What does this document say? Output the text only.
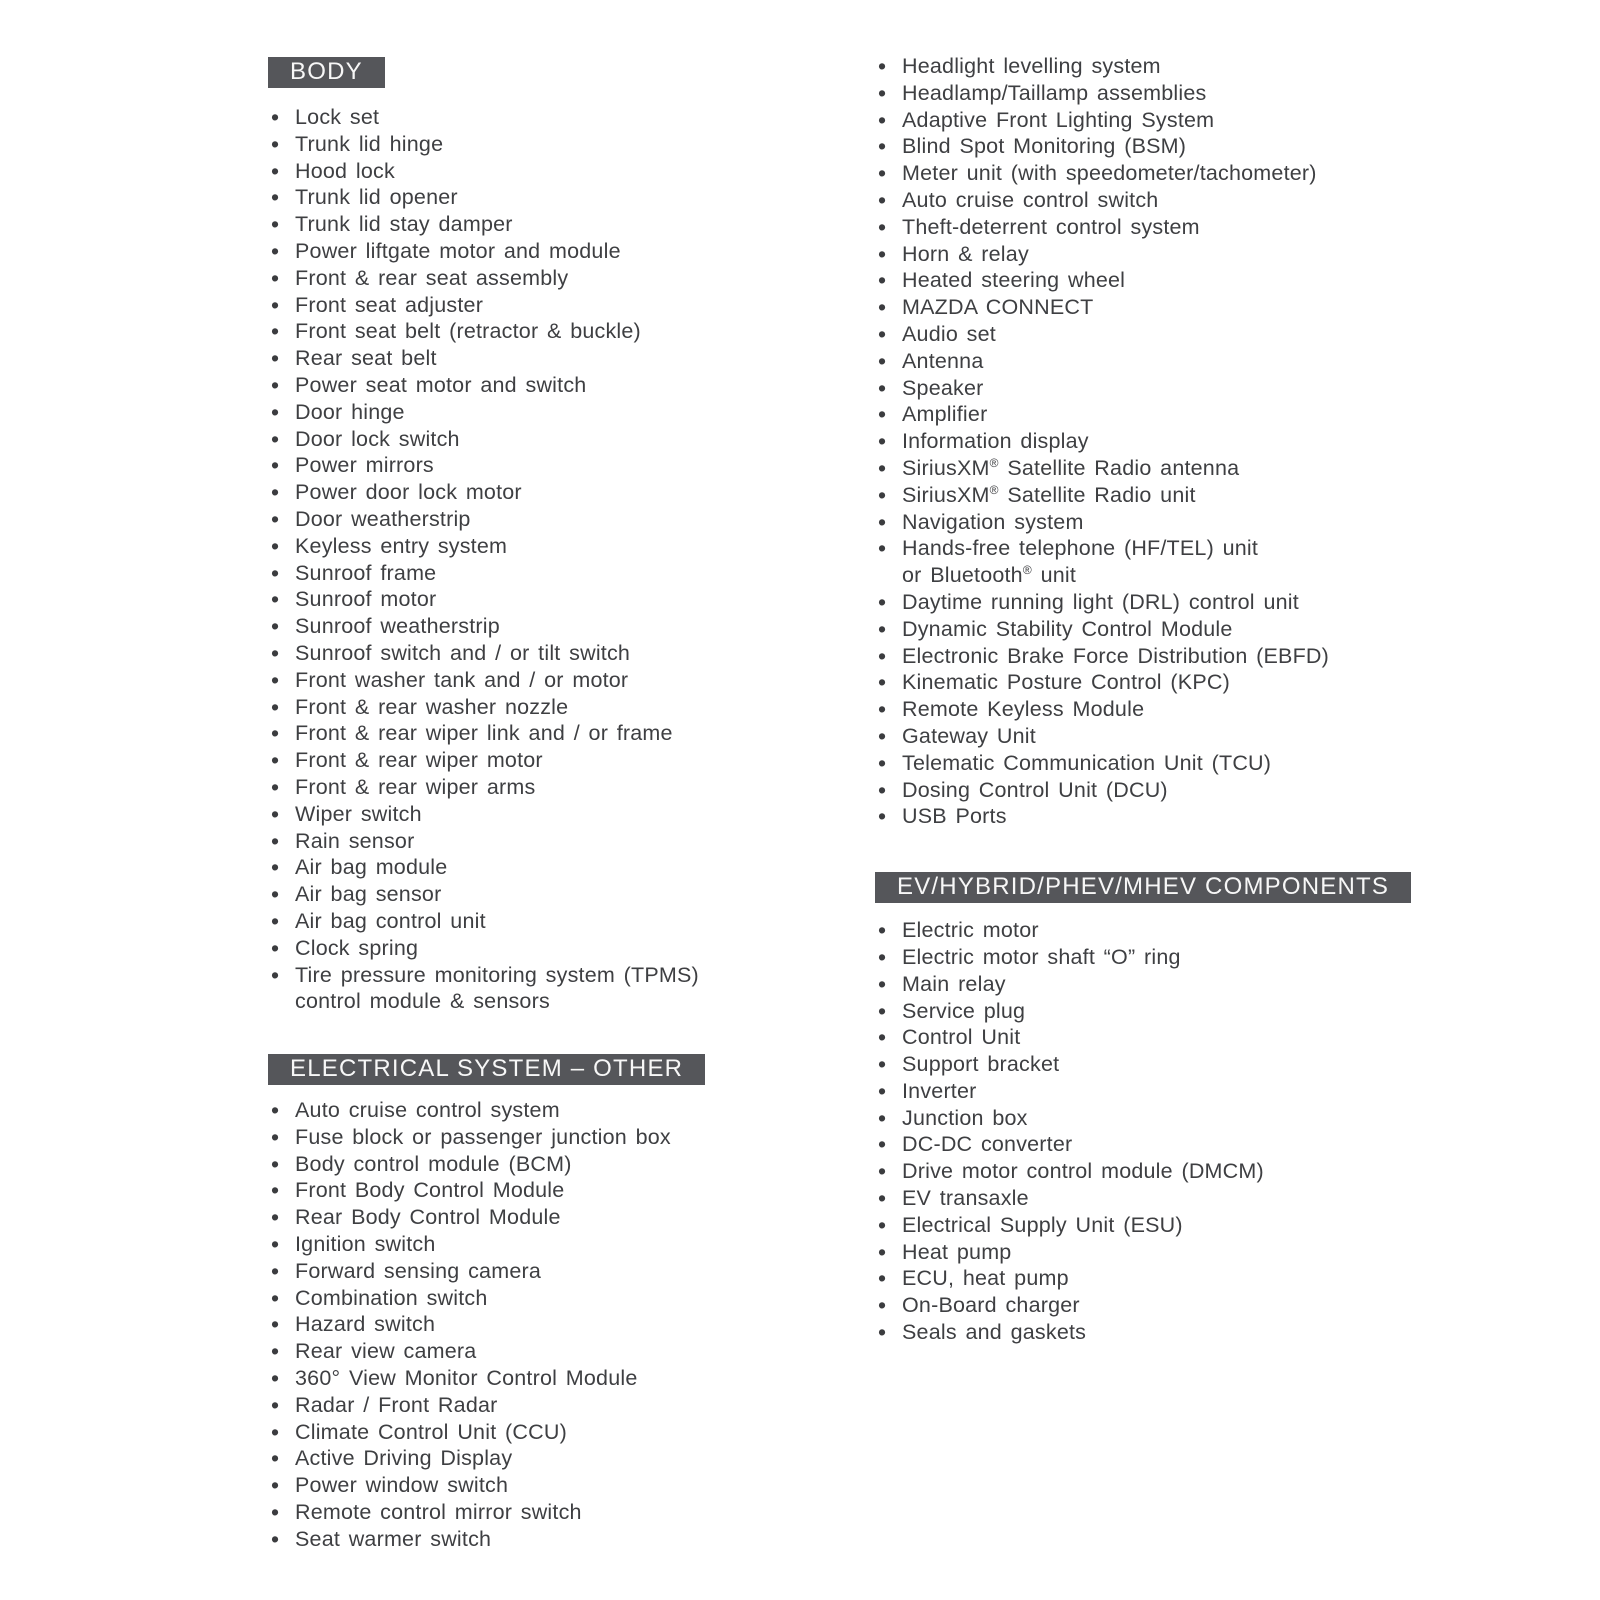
BODY
• Lock set
• Trunk lid hinge
• Hood lock
• Trunk lid opener
• Trunk lid stay damper
• Power liftgate motor and module
• Front & rear seat assembly
• Front seat adjuster
• Front seat belt (retractor & buckle)
• Rear seat belt
• Power seat motor and switch
• Door hinge
• Door lock switch
• Power mirrors
• Power door lock motor
• Door weatherstrip
• Keyless entry system
• Sunroof frame
• Sunroof motor
• Sunroof weatherstrip
• Sunroof switch and / or tilt switch
• Front washer tank and / or motor
• Front & rear washer nozzle
• Front & rear wiper link and / or frame
• Front & rear wiper motor
• Front & rear wiper arms
• Wiper switch
• Rain sensor
• Air bag module
• Air bag sensor
• Air bag control unit
• Clock spring
• Tire pressure monitoring system (TPMS)
control module & sensors
ELECTRICAL SYSTEM – OTHER
• Auto cruise control system
• Fuse block or passenger junction box
• Body control module (BCM)
• Front Body Control Module
• Rear Body Control Module
• Ignition switch
• Forward sensing camera
• Combination switch
• Hazard switch
• Rear view camera
• 360° View Monitor Control Module
• Radar / Front Radar
• Climate Control Unit (CCU)
• Active Driving Display
• Power window switch
• Remote control mirror switch
• Seat warmer switch
• Headlight levelling system
• Headlamp/Taillamp assemblies
• Adaptive Front Lighting System
• Blind Spot Monitoring (BSM)
• Meter unit (with speedometer/tachometer)
• Auto cruise control switch
• Theft-deterrent control system
• Horn & relay
• Heated steering wheel
• MAZDA CONNECT
• Audio set
• Antenna
• Speaker
• Amplifier
• Information display
• SiriusXM® Satellite Radio antenna
• SiriusXM® Satellite Radio unit
• Navigation system
• Hands-free telephone (HF/TEL) unit
or Bluetooth® unit
• Daytime running light (DRL) control unit
• Dynamic Stability Control Module
• Electronic Brake Force Distribution (EBFD)
• Kinematic Posture Control (KPC)
• Remote Keyless Module
• Gateway Unit
• Telematic Communication Unit (TCU)
• Dosing Control Unit (DCU)
• USB Ports
EV/HYBRID/PHEV/MHEV COMPONENTS
• Electric motor
• Electric motor shaft “O” ring
• Main relay
• Service plug
• Control Unit
• Support bracket
• Inverter
• Junction box
• DC-DC converter
• Drive motor control module (DMCM)
• EV transaxle
• Electrical Supply Unit (ESU)
• Heat pump
• ECU, heat pump
• On-Board charger
• Seals and gaskets
